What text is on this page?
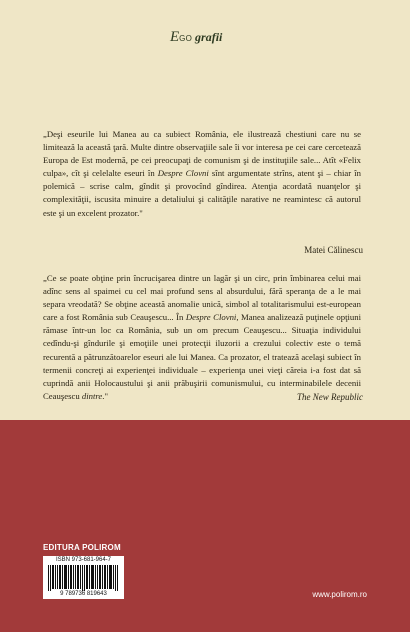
EGO grafii

„Deşi eseurile lui Manea au ca subiect România, ele ilustrează chestiuni care nu se limitează la această ţară. Multe dintre observaţiile sale îi vor interesa pe cei care cercetează Europa de Est modernă, pe cei preocupaţi de comunism şi de instituţiile sale... Atît «Felix culpa», cît şi celelalte eseuri în Despre Clovni sînt argumentate strîns, atent şi – chiar în polemică – scrise calm, gîndit şi provocînd gîndirea. Atenţia acordată nuanţelor şi complexităţii, iscusita minuire a detaliului şi calităţile narative ne reamintesc că autorul este şi un excelent prozator."

Matei Călinescu

„Ce se poate obţine prin încrucişarea dintre un lagăr şi un circ, prin îmbinarea celui mai adînc sens al spaimei cu cel mai profund sens al absurdului, fără speranţa de a le mai separa vreodată? Se obţine această anomalie unică, simbol al totalitarismului est-european care a fost România sub Ceauşescu... În Despre Clovni, Manea analizează puţinele opţiuni rămase într-un loc ca România, sub un om precum Ceauşescu... Situaţia individului cedîndu-şi gîndurile şi emoţiile unei protecţii iluzorii a crezului colectiv este o temă recurentă a pătrunzătoarelor eseuri ale lui Manea. Ca prozator, el tratează acelaşi subiect în termenii concreţi ai experienţei individuale – experienţa unei vieţi căreia i-a fost dat să cuprindă anii Holocaustului şi anii prăbuşirii comunismului, cu interminabilele decenii Ceauşescu dintre."	The New Republic

EDITURA POLIROM
ISBN 973-681-964-7
9 789736 819643	www.polirom.ro
